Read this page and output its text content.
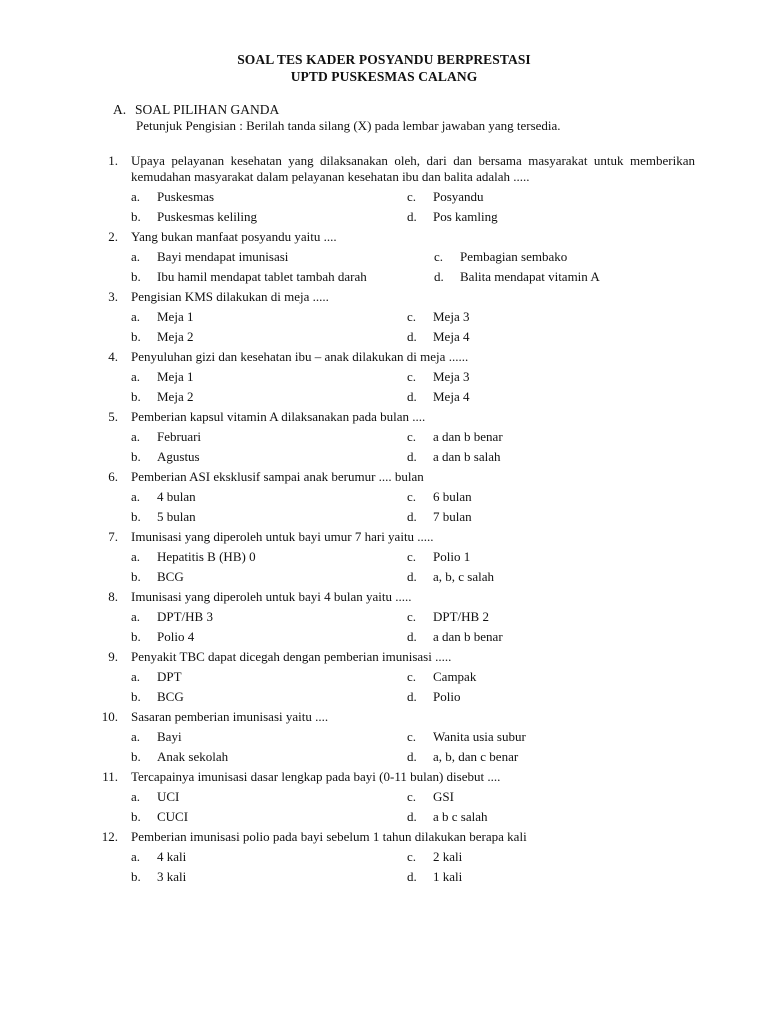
SOAL TES KADER POSYANDU BERPRESTASI
UPTD PUSKESMAS CALANG
A. SOAL PILIHAN GANDA
Petunjuk Pengisian : Berilah tanda silang (X) pada lembar jawaban yang tersedia.
1. Upaya pelayanan kesehatan yang dilaksanakan oleh, dari dan bersama masyarakat untuk memberikan kemudahan masyarakat dalam pelayanan kesehatan ibu dan balita adalah .....
a. Puskesmas	c. Posyandu
b. Puskesmas keliling	d. Pos kamling
2. Yang bukan manfaat posyandu yaitu ....
a. Bayi mendapat imunisasi	c. Pembagian sembako
b. Ibu hamil mendapat tablet tambah darah	d. Balita mendapat vitamin A
3. Pengisian KMS dilakukan di meja .....
a. Meja 1	c. Meja 3
b. Meja 2	d. Meja 4
4. Penyuluhan gizi dan kesehatan ibu – anak dilakukan di meja ......
a. Meja 1	c. Meja 3
b. Meja 2	d. Meja 4
5. Pemberian kapsul vitamin A dilaksanakan pada bulan ....
a. Februari	c. a dan b benar
b. Agustus	d. a dan b salah
6. Pemberian ASI eksklusif sampai anak berumur .... bulan
a. 4 bulan	c. 6 bulan
b. 5 bulan	d. 7 bulan
7. Imunisasi yang diperoleh untuk bayi umur 7 hari yaitu .....
a. Hepatitis B (HB) 0	c. Polio 1
b. BCG	d. a, b, c salah
8. Imunisasi yang diperoleh untuk bayi 4 bulan yaitu .....
a. DPT/HB 3	c. DPT/HB 2
b. Polio 4	d. a dan b benar
9. Penyakit TBC dapat dicegah dengan pemberian imunisasi .....
a. DPT	c. Campak
b. BCG	d. Polio
10. Sasaran pemberian imunisasi yaitu ....
a. Bayi	c. Wanita usia subur
b. Anak sekolah	d. a, b, dan c benar
11. Tercapainya imunisasi dasar lengkap pada bayi (0-11 bulan) disebut ....
a. UCI	c. GSI
b. CUCI	d. a b c salah
12. Pemberian imunisasi polio pada bayi sebelum 1 tahun dilakukan berapa kali
a. 4 kali	c. 2 kali
b. 3 kali	d. 1 kali
